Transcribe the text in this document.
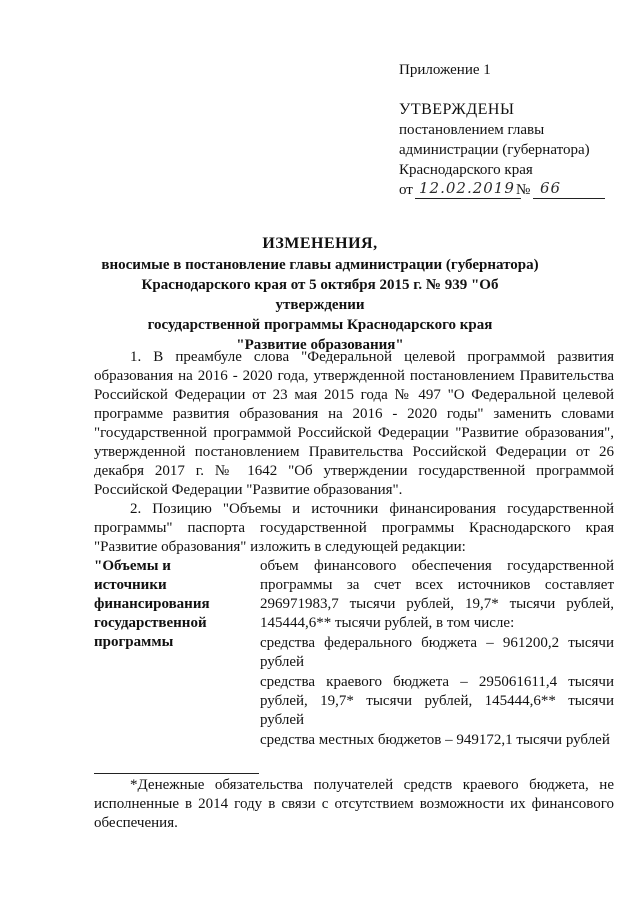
Приложение 1
УТВЕРЖДЕНЫ
постановлением главы
администрации (губернатора)
Краснодарского края
от 12.02.2019 № 66
ИЗМЕНЕНИЯ,
вносимые в постановление главы администрации (губернатора)
Краснодарского края от 5 октября 2015 г. № 939 "Об утверждении
государственной программы Краснодарского края
"Развитие образования"

1. В преамбуле слова "Федеральной целевой программой развития образования на 2016 - 2020 года, утвержденной постановлением Правительства Российской Федерации от 23 мая 2015 года № 497 "О Федеральной целевой программе развития образования на 2016 - 2020 годы" заменить словами "государственной программой Российской Федерации "Развитие образования", утвержденной постановлением Правительства Российской Федерации от 26 декабря 2017 г. № 1642 "Об утверждении государственной программой Российской Федерации "Развитие образования".

2. Позицию "Объемы и источники финансирования государственной программы" паспорта государственной программы Краснодарского края "Развитие образования" изложить в следующей редакции:

"Объемы и источники финансирования государственной программы
объем финансового обеспечения государственной программы за счет всех источников составляет 296971983,7 тысячи рублей, 19,7* тысячи рублей, 145444,6** тысячи рублей, в том числе:
средства федерального бюджета – 961200,2 тысячи рублей
средства краевого бюджета – 295061611,4 тысячи рублей, 19,7* тысячи рублей, 145444,6** тысячи рублей
средства местных бюджетов – 949172,1 тысячи рублей

*Денежные обязательства получателей средств краевого бюджета, не исполненные в 2014 году в связи с отсутствием возможности их финансового обеспечения.
